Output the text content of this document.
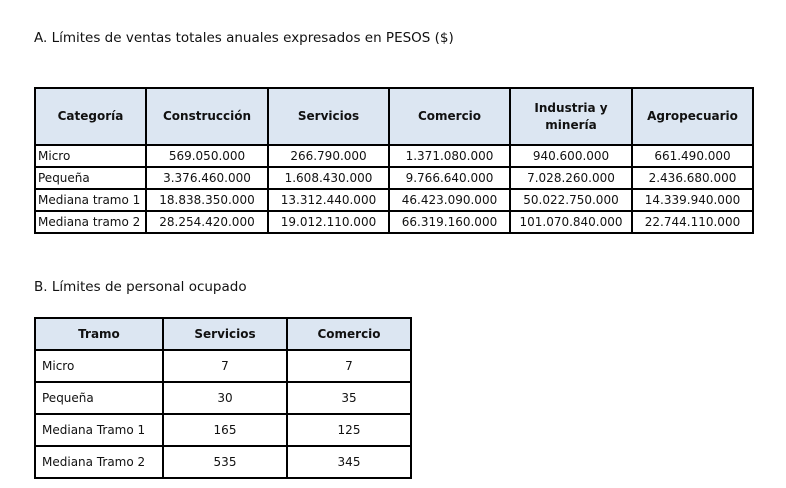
A. Límites de ventas totales anuales expresados en PESOS ($)
Categoría	Construcción	Servicios	Comercio	Industria y minería	Agropecuario
Micro	569.050.000	266.790.000	1.371.080.000	940.600.000	661.490.000
Pequeña	3.376.460.000	1.608.430.000	9.766.640.000	7.028.260.000	2.436.680.000
Mediana tramo 1	18.838.350.000	13.312.440.000	46.423.090.000	50.022.750.000	14.339.940.000
Mediana tramo 2	28.254.420.000	19.012.110.000	66.319.160.000	101.070.840.000	22.744.110.000
B. Límites de personal ocupado
Tramo	Servicios	Comercio
Micro	7	7
Pequeña	30	35
Mediana Tramo 1	165	125
Mediana Tramo 2	535	345
